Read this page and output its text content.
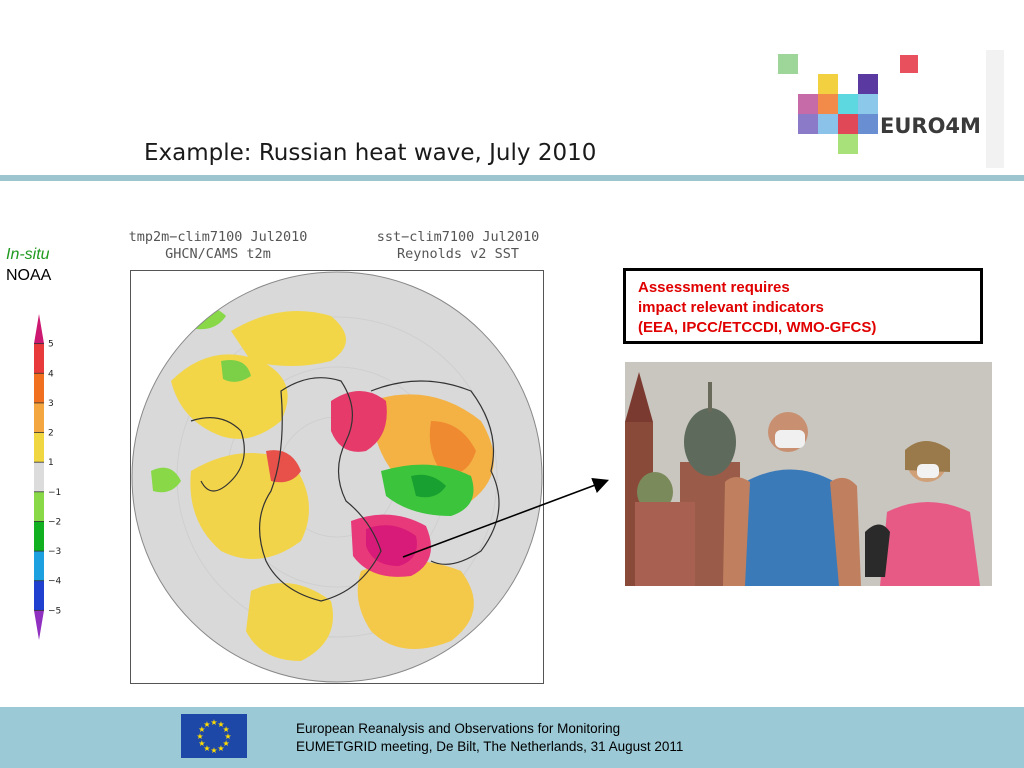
EURO4M
Example: Russian heat wave, July 2010
In-situ
NOAA
5
4
3
2
1
−1
−2
−3
−4
−5
tmp2m−clim7100 Jul2010
GHCN/CAMS t2m
sst−clim7100 Jul2010
Reynolds v2 SST
Assessment requires
impact relevant indicators
(EEA, IPCC/ETCCDI, WMO-GFCS)
★
★
★
★
★
★
★
★
★ ★ ★
★	European Reanalysis and Observations for Monitoring
EUMETGRID meeting, De Bilt, The Netherlands, 31 August 2011
